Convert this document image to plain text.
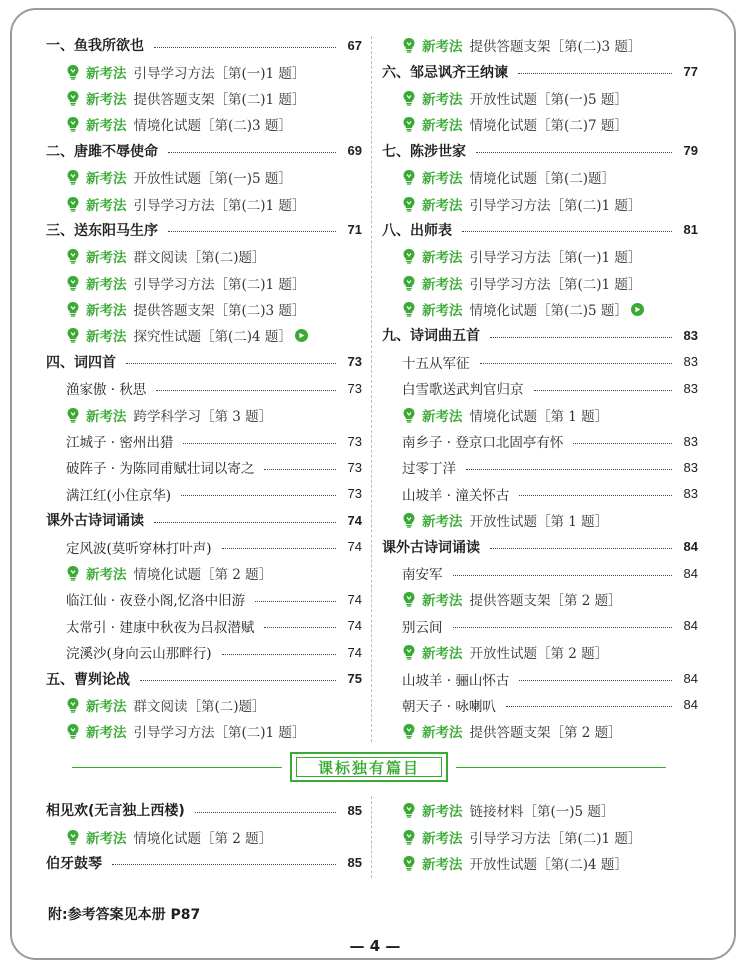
一、鱼我所欲也	67
新考法 引导学习方法［第(一)1 题］
新考法 提供答题支架［第(二)1 题］
新考法 情境化试题［第(二)3 题］
二、唐雎不辱使命	69
新考法 开放性试题［第(一)5 题］
新考法 引导学习方法［第(二)1 题］
三、送东阳马生序	71
新考法 群文阅读［第(二)题］
新考法 引导学习方法［第(二)1 题］
新考法 提供答题支架［第(二)3 题］
新考法 探究性试题［第(二)4 题］
四、词四首	73
渔家傲 · 秋思	73
新考法 跨学科学习［第 3 题］
江城子 · 密州出猎	73
破阵子 · 为陈同甫赋壮词以寄之	73
满江红(小住京华)	73
课外古诗词诵读	74
定风波(莫听穿林打叶声)	74
新考法 情境化试题［第 2 题］
临江仙 · 夜登小阁,忆洛中旧游	74
太常引 · 建康中秋夜为吕叔潜赋	74
浣溪沙(身向云山那畔行)	74
五、曹刿论战	75
新考法 群文阅读［第(二)题］
新考法 引导学习方法［第(二)1 题］
新考法 提供答题支架［第(二)3 题］
六、邹忌讽齐王纳谏	77
新考法 开放性试题［第(一)5 题］
新考法 情境化试题［第(二)7 题］
七、陈涉世家	79
新考法 情境化试题［第(二)题］
新考法 引导学习方法［第(二)1 题］
八、出师表	81
新考法 引导学习方法［第(一)1 题］
新考法 引导学习方法［第(二)1 题］
新考法 情境化试题［第(二)5 题］
九、诗词曲五首	83
十五从军征	83
白雪歌送武判官归京	83
新考法 情境化试题［第 1 题］
南乡子 · 登京口北固亭有怀	83
过零丁洋	83
山坡羊 · 潼关怀古	83
新考法 开放性试题［第 1 题］
课外古诗词诵读	84
南安军	84
新考法 提供答题支架［第 2 题］
别云间	84
新考法 开放性试题［第 2 题］
山坡羊 · 骊山怀古	84
朝天子 · 咏喇叭	84
新考法 提供答题支架［第 2 题］
课标独有篇目
相见欢(无言独上西楼)	85
新考法 情境化试题［第 2 题］
伯牙鼓琴	85
新考法 链接材料［第(一)5 题］
新考法 引导学习方法［第(二)1 题］
新考法 开放性试题［第(二)4 题］
附:参考答案见本册 P87
— 4 —
